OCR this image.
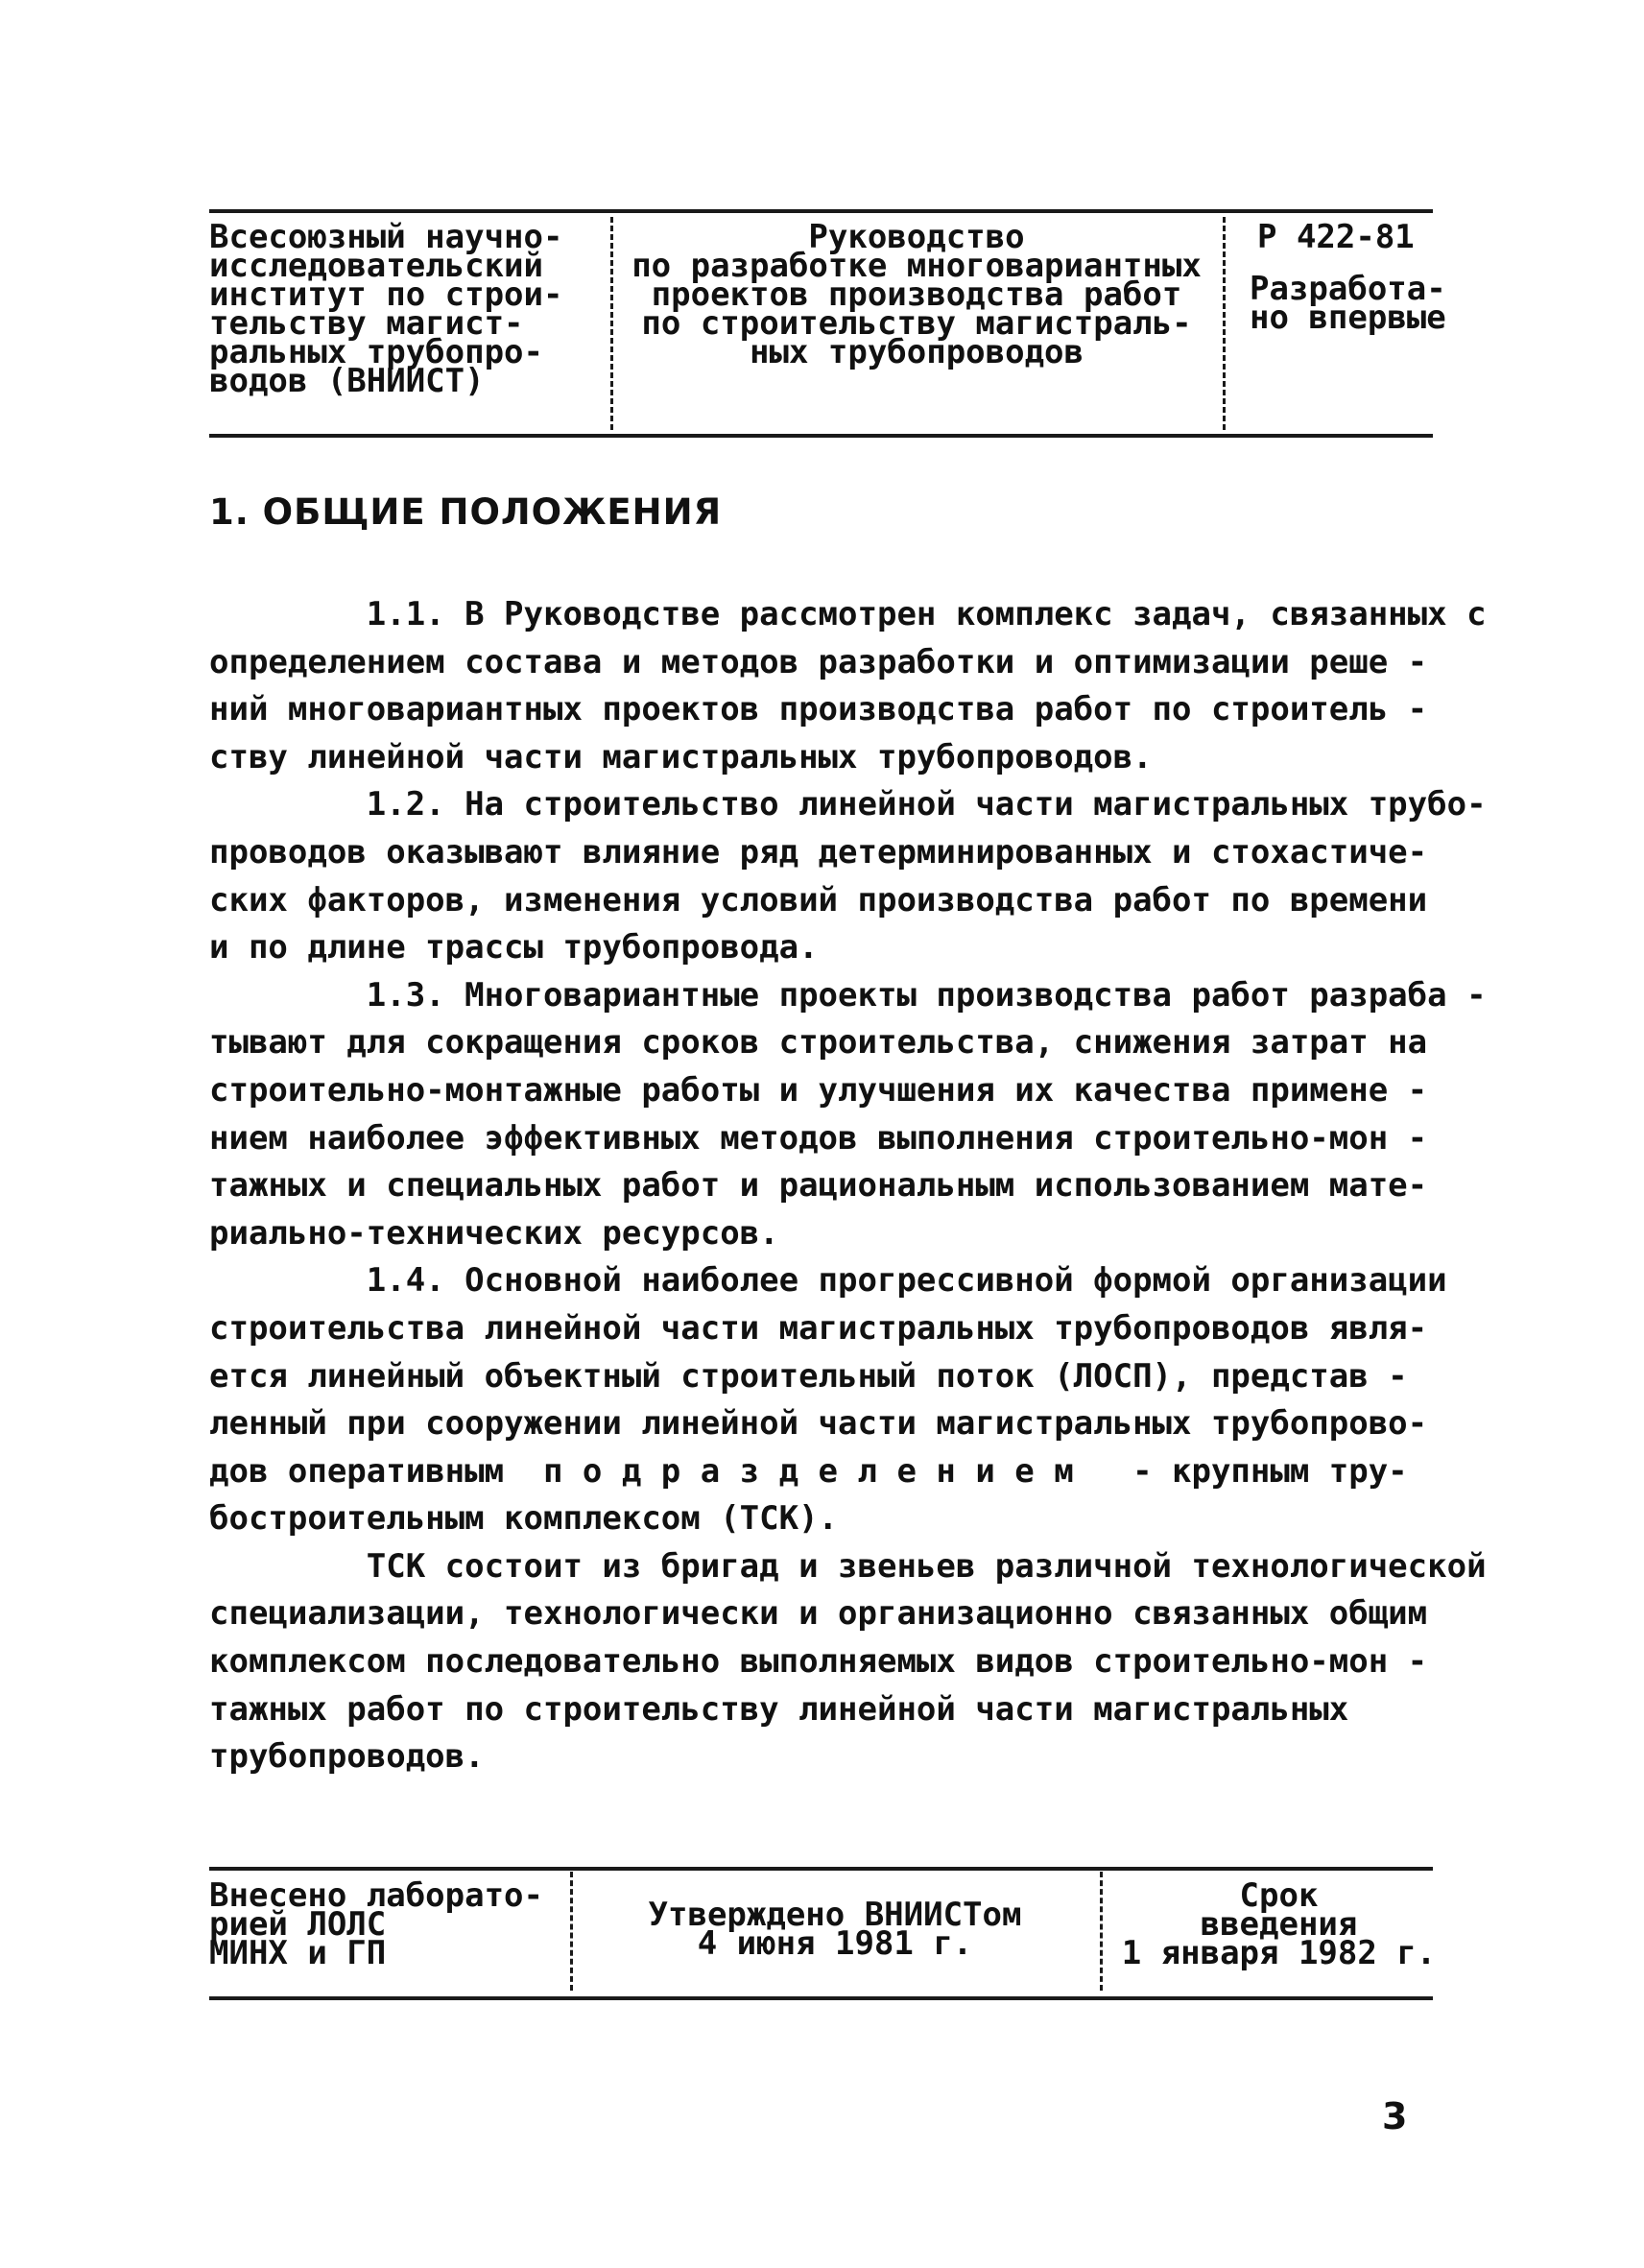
Всесоюзный научно-
исследовательский
институт по строи-
тельству магист-
ральных трубопро-
водов (ВНИИСТ)
Руководство
по разработке многовариантных
проектов производства работ
по строительству магистраль-
ных трубопроводов
Р 422-81
Разработа-
но впервые
1. ОБЩИЕ ПОЛОЖЕНИЯ
1.1. В Руководстве рассмотрен комплекс задач, связанных с
определением состава и методов разработки и оптимизации реше -
ний многовариантных проектов производства работ по строитель -
ству линейной части магистральных трубопроводов.
1.2. На строительство линейной части магистральных трубо-
проводов оказывают влияние ряд детерминированных и стохастиче-
ских факторов, изменения условий производства работ по времени
и по длине трассы трубопровода.
1.3. Многовариантные проекты производства работ разраба -
тывают для сокращения сроков строительства, снижения затрат на
строительно-монтажные работы и улучшения их качества примене -
нием наиболее эффективных методов выполнения строительно-мон -
тажных и специальных работ и рациональным использованием мате-
риально-технических ресурсов.
1.4. Основной наиболее прогрессивной формой организации
строительства линейной части магистральных трубопроводов явля-
ется линейный объектный строительный поток (ЛОСП), представ -
ленный при сооружении линейной части магистральных трубопрово-
дов оперативным  п о д р а з д е л е н и е м   - крупным тру-
бостроительным комплексом (ТСК).
ТСК состоит из бригад и звеньев различной технологической
специализации, технологически и организационно связанных общим
комплексом последовательно выполняемых видов строительно-мон -
тажных работ по строительству линейной части магистральных
трубопроводов.
Внесено лаборато-
рией ЛОЛС
МИНХ и ГП
Утверждено ВНИИСТом
4 июня 1981 г.
Срок
введения
1 января 1982 г.
3
